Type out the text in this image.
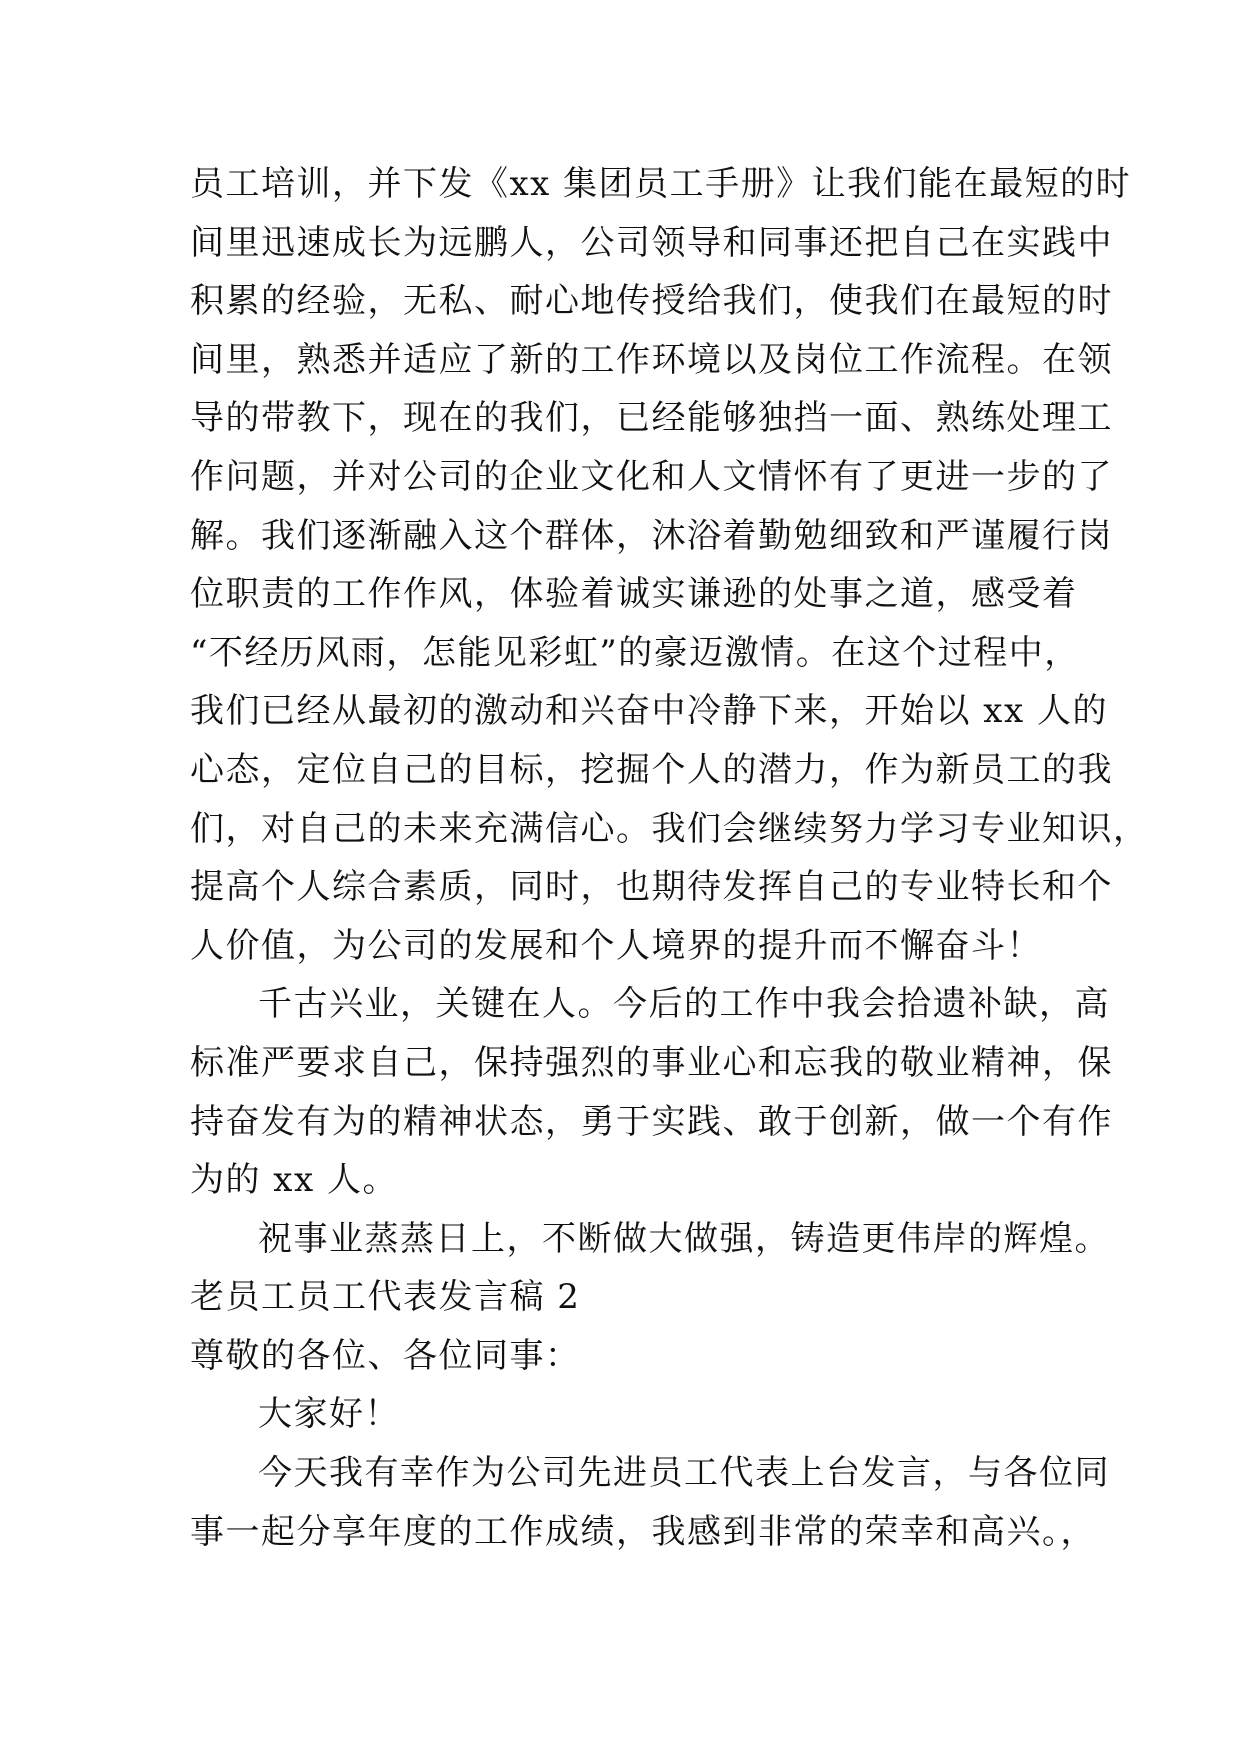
员工培训，并下发《xx 集团员工手册》让我们能在最短的时
间里迅速成长为远鹏人，公司领导和同事还把自己在实践中
积累的经验，无私、耐心地传授给我们，使我们在最短的时
间里，熟悉并适应了新的工作环境以及岗位工作流程。在领
导的带教下，现在的我们，已经能够独挡一面、熟练处理工
作问题，并对公司的企业文化和人文情怀有了更进一步的了
解。我们逐渐融入这个群体，沐浴着勤勉细致和严谨履行岗
位职责的工作作风，体验着诚实谦逊的处事之道，感受着
“不经历风雨，怎能见彩虹”的豪迈激情。在这个过程中，
我们已经从最初的激动和兴奋中冷静下来，开始以 xx 人的
心态，定位自己的目标，挖掘个人的潜力，作为新员工的我
们，对自己的未来充满信心。我们会继续努力学习专业知识，
提高个人综合素质，同时，也期待发挥自己的专业特长和个
人价值，为公司的发展和个人境界的提升而不懈奋斗！
千古兴业，关键在人。今后的工作中我会拾遗补缺，高
标准严要求自己，保持强烈的事业心和忘我的敬业精神，保
持奋发有为的精神状态，勇于实践、敢于创新，做一个有作
为的 xx 人。
祝事业蒸蒸日上，不断做大做强，铸造更伟岸的辉煌。
老员工员工代表发言稿 2
尊敬的各位、各位同事：
大家好！
今天我有幸作为公司先进员工代表上台发言，与各位同
事一起分享年度的工作成绩，我感到非常的荣幸和高兴。，
